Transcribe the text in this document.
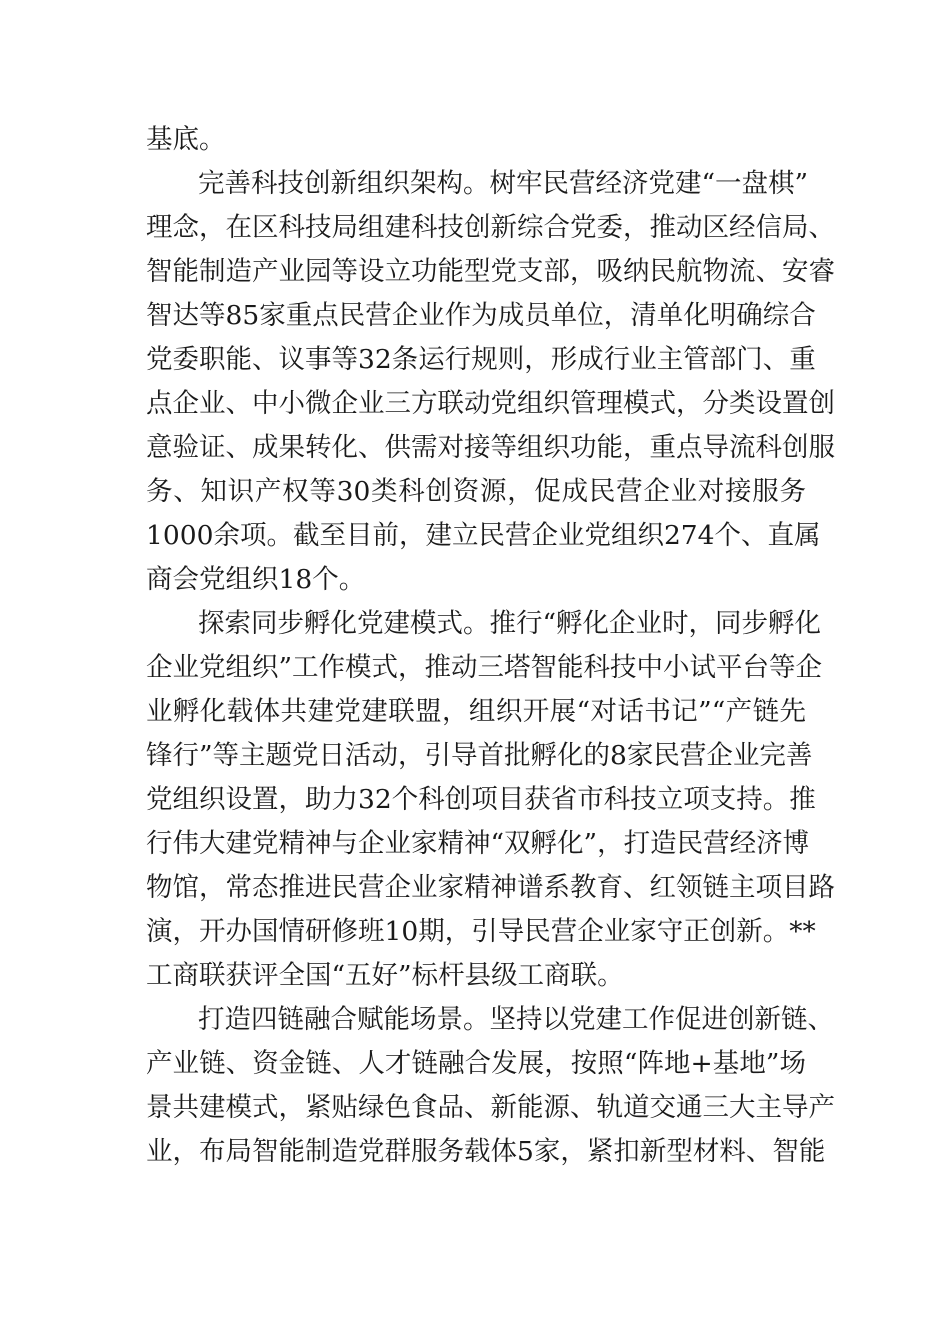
基底。
完善科技创新组织架构。树牢民营经济党建“一盘棋”
理念，在区科技局组建科技创新综合党委，推动区经信局、
智能制造产业园等设立功能型党支部，吸纳民航物流、安睿
智达等85家重点民营企业作为成员单位，清单化明确综合
党委职能、议事等32条运行规则，形成行业主管部门、重
点企业、中小微企业三方联动党组织管理模式，分类设置创
意验证、成果转化、供需对接等组织功能，重点导流科创服
务、知识产权等30类科创资源，促成民营企业对接服务
1000余项。截至目前，建立民营企业党组织274个、直属
商会党组织18个。
探索同步孵化党建模式。推行“孵化企业时，同步孵化
企业党组织”工作模式，推动三塔智能科技中小试平台等企
业孵化载体共建党建联盟，组织开展“对话书记”“产链先
锋行”等主题党日活动，引导首批孵化的8家民营企业完善
党组织设置，助力32个科创项目获省市科技立项支持。推
行伟大建党精神与企业家精神“双孵化”，打造民营经济博
物馆，常态推进民营企业家精神谱系教育、红领链主项目路
演，开办国情研修班10期，引导民营企业家守正创新。**
工商联获评全国“五好”标杆县级工商联。
打造四链融合赋能场景。坚持以党建工作促进创新链、
产业链、资金链、人才链融合发展，按照“阵地+基地”场
景共建模式，紧贴绿色食品、新能源、轨道交通三大主导产
业，布局智能制造党群服务载体5家，紧扣新型材料、智能
